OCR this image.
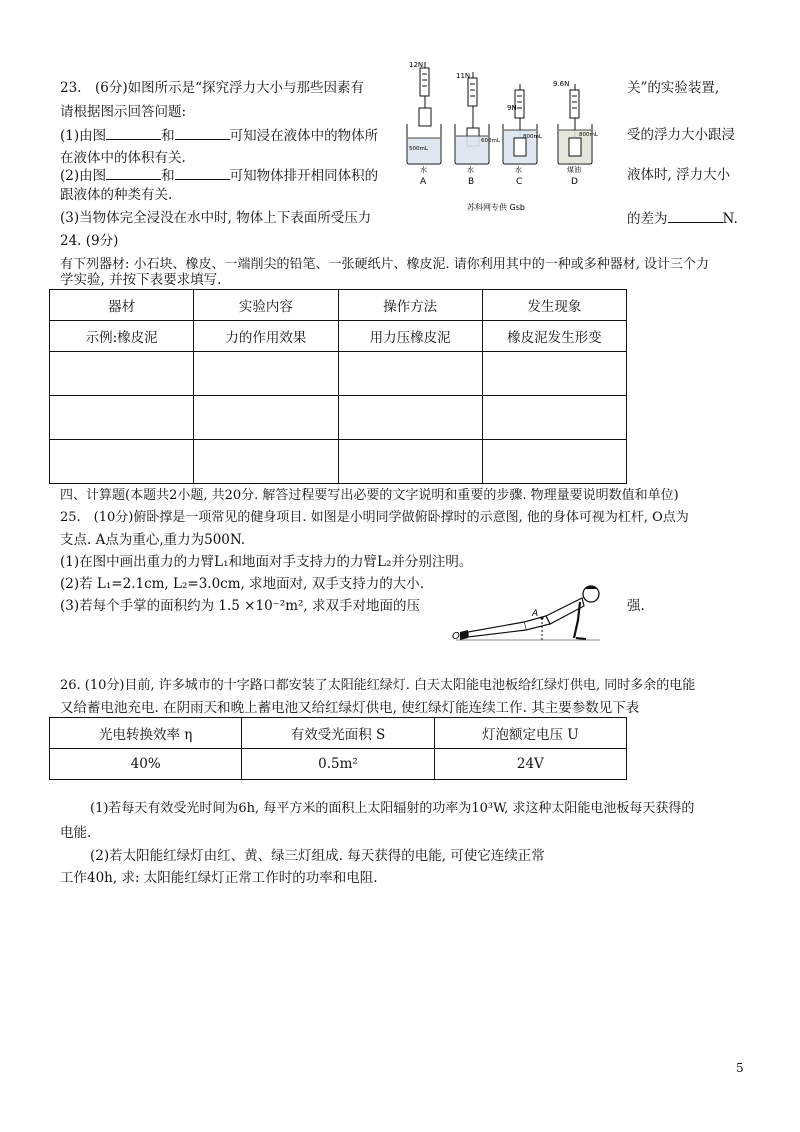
23.　(6分)如图所示是“探究浮力大小与那些因素有	关”的实验装置,
请根据图示回答问题:
(1)由图	和	可知浸在液体中的物体所	受的浮力大小跟浸
在液体中的体积有关.
(2)由图	和	可知物体排开相同体积的	液体时, 浮力大小
跟液体的种类有关.
(3)当物体完全浸没在水中时, 物体上下表面所受压力	的差为	N.
12N
500mL
水
A
11N
600mL
水
B
9N
800mL
水
C
9.6N
800mL
煤油
D
苏科网专供 Gsb
24. (9分)
有下列器材: 小石块、橡皮、一端削尖的铅笔、一张硬纸片、橡皮泥. 请你利用其中的一种或多种器材, 设计三个力
学实验, 并按下表要求填写.
器材	实验内容	操作方法	发生现象
示例:橡皮泥	力的作用效果	用力压橡皮泥	橡皮泥发生形变

四、计算题(本题共2小题, 共20分. 解答过程要写出必要的文字说明和重要的步骤. 物理量要说明数值和单位)
25.　(10分)俯卧撑是一项常见的健身项目. 如图是小明同学做俯卧撑时的示意图, 他的身体可视为杠杆, O点为
支点. A点为重心,重力为500N.
(1)在图中画出重力的力臂L₁和地面对手支持力的力臂L₂并分别注明。
(2)若 L₁=2.1cm, L₂=3.0cm, 求地面对, 双手支持力的大小.
(3)若每个手掌的面积约为 1.5 ×10⁻²m², 求双手对地面的压	强.
A
O
26. (10分)目前, 许多城市的十字路口都安装了太阳能红绿灯. 白天太阳能电池板给红绿灯供电, 同时多余的电能
又给蓄电池充电. 在阴雨天和晚上蓄电池又给红绿灯供电, 使红绿灯能连续工作. 其主要参数见下表
光电转换效率 η	有效受光面积 S	灯泡额定电压 U
40%	0.5m²	24V
(1)若每天有效受光时间为6h, 每平方米的面积上太阳辐射的功率为10³W, 求这种太阳能电池板每天获得的
电能.
(2)若太阳能红绿灯由红、黄、绿三灯组成. 每天获得的电能, 可使它连续正常
工作40h, 求: 太阳能红绿灯正常工作时的功率和电阻.
5
